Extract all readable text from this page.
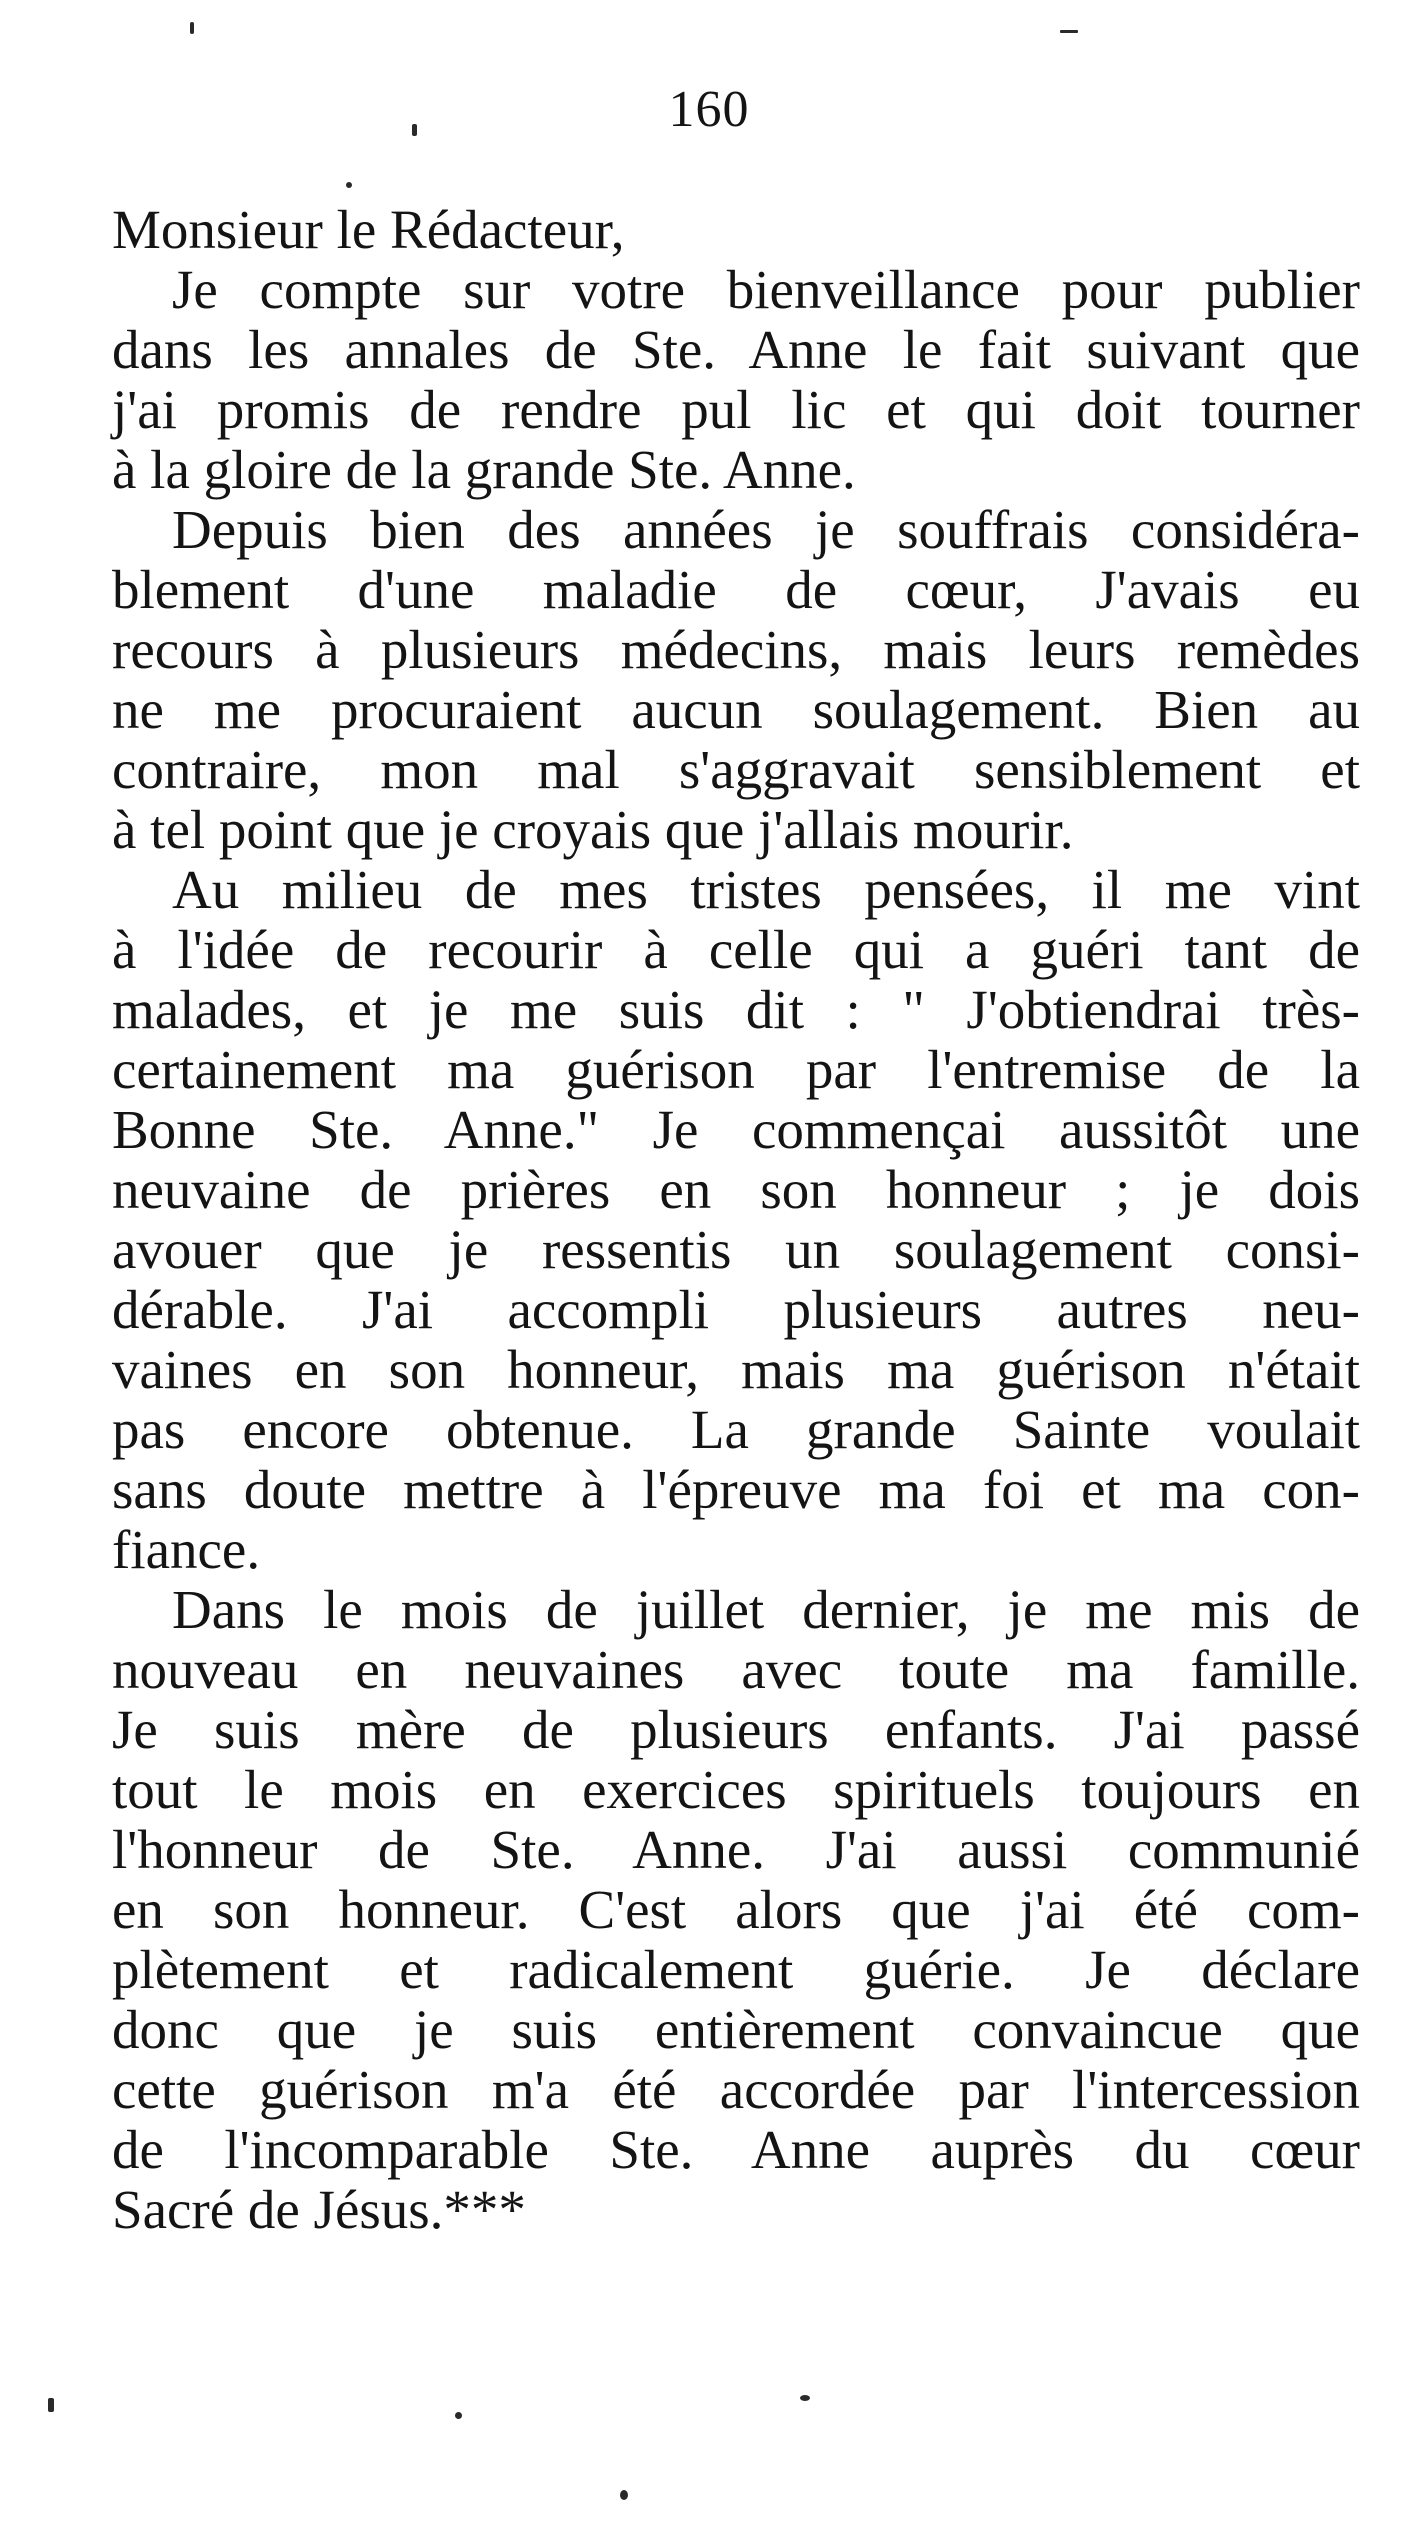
160
Monsieur le Rédacteur,
Je compte sur votre bienveillance pour publier
dans les annales de Ste. Anne le fait suivant que
j'ai promis de rendre pul lic et qui doit tourner
à la gloire de la grande Ste. Anne.
Depuis bien des années je souffrais considéra-
blement d'une maladie de cœur, J'avais eu
recours à plusieurs médecins, mais leurs remèdes
ne me procuraient aucun soulagement. Bien au
contraire, mon mal s'aggravait sensiblement et
à tel point que je croyais que j'allais mourir.
Au milieu de mes tristes pensées, il me vint
à l'idée de recourir à celle qui a guéri tant de
malades, et je me suis dit : " J'obtiendrai très-
certainement ma guérison par l'entremise de la
Bonne Ste. Anne." Je commençai aussitôt une
neuvaine de prières en son honneur ; je dois
avouer que je ressentis un soulagement consi-
dérable. J'ai accompli plusieurs autres neu-
vaines en son honneur, mais ma guérison n'était
pas encore obtenue. La grande Sainte voulait
sans doute mettre à l'épreuve ma foi et ma con-
fiance.
Dans le mois de juillet dernier, je me mis de
nouveau en neuvaines avec toute ma famille.
Je suis mère de plusieurs enfants. J'ai passé
tout le mois en exercices spirituels toujours en
l'honneur de Ste. Anne. J'ai aussi communié
en son honneur. C'est alors que j'ai été com-
plètement et radicalement guérie. Je déclare
donc que je suis entièrement convaincue que
cette guérison m'a été accordée par l'intercession
de l'incomparable Ste. Anne auprès du cœur
Sacré de Jésus.***
